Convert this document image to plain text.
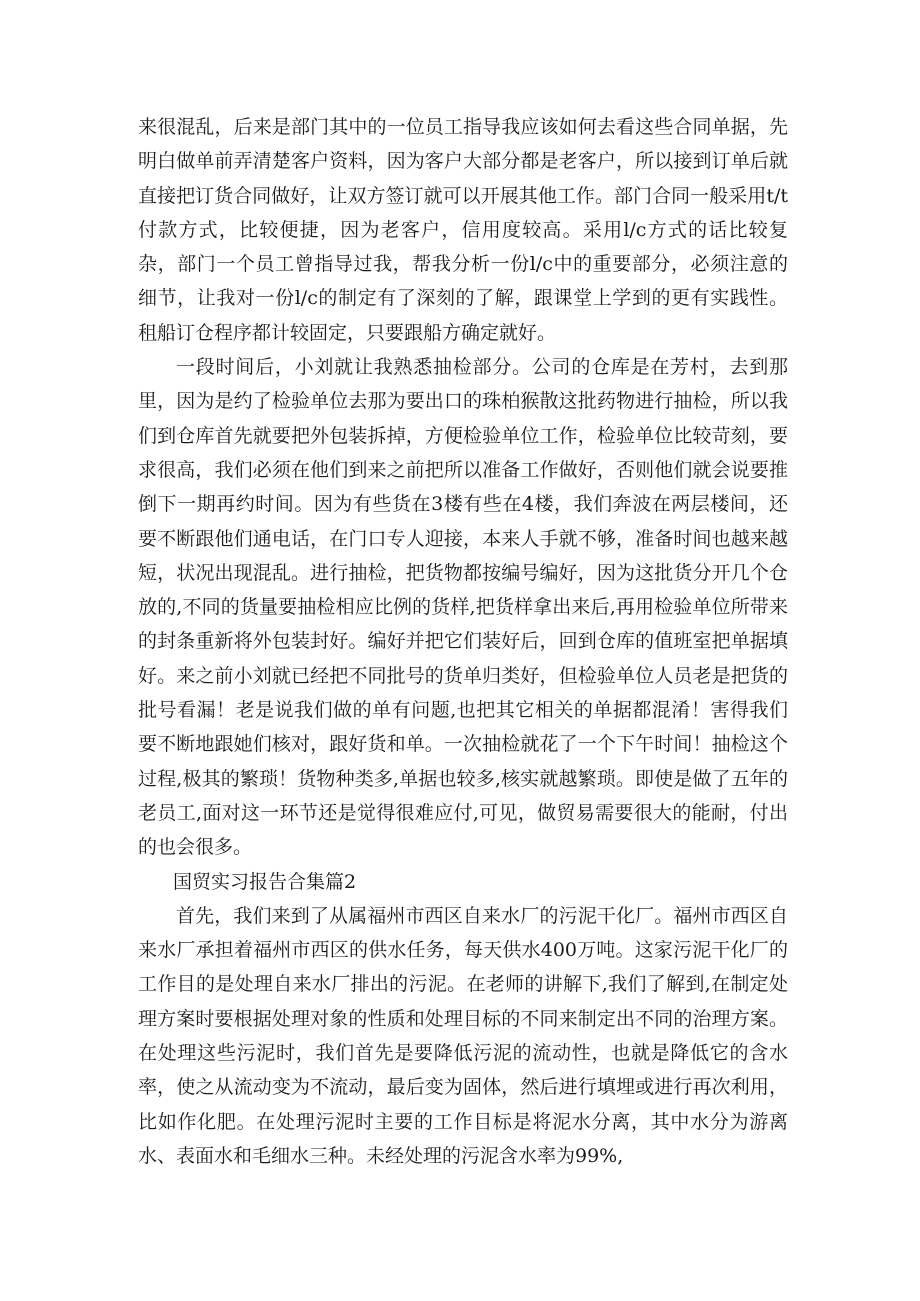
来很混乱，后来是部门其中的一位员工指导我应该如何去看这些合同单据，先明白做单前弄清楚客户资料，因为客户大部分都是老客户，所以接到订单后就直接把订货合同做好，让双方签订就可以开展其他工作。部门合同一般采用t/t付款方式，比较便捷，因为老客户，信用度较高。采用l/c方式的话比较复杂，部门一个员工曾指导过我，帮我分析一份l/c中的重要部分，必须注意的细节，让我对一份l/c的制定有了深刻的了解，跟课堂上学到的更有实践性。租船订仓程序都计较固定，只要跟船方确定就好。

一段时间后，小刘就让我熟悉抽检部分。公司的仓库是在芳村，去到那里，因为是约了检验单位去那为要出口的珠柏猴散这批药物进行抽检，所以我们到仓库首先就要把外包装拆掉，方便检验单位工作，检验单位比较苛刻，要求很高，我们必须在他们到来之前把所以准备工作做好，否则他们就会说要推倒下一期再约时间。因为有些货在3楼有些在4楼，我们奔波在两层楼间，还要不断跟他们通电话，在门口专人迎接，本来人手就不够，准备时间也越来越短，状况出现混乱。进行抽检，把货物都按编号编好，因为这批货分开几个仓放的,不同的货量要抽检相应比例的货样,把货样拿出来后,再用检验单位所带来的封条重新将外包装封好。编好并把它们装好后，回到仓库的值班室把单据填好。来之前小刘就已经把不同批号的货单归类好，但检验单位人员老是把货的批号看漏！老是说我们做的单有问题,也把其它相关的单据都混淆！害得我们要不断地跟她们核对，跟好货和单。一次抽检就花了一个下午时间！抽检这个过程,极其的繁琐！货物种类多,单据也较多,核实就越繁琐。即使是做了五年的老员工,面对这一环节还是觉得很难应付,可见，做贸易需要很大的能耐，付出的也会很多。

国贸实习报告合集篇2

首先，我们来到了从属福州市西区自来水厂的污泥干化厂。福州市西区自来水厂承担着福州市西区的供水任务，每天供水400万吨。这家污泥干化厂的工作目的是处理自来水厂排出的污泥。在老师的讲解下,我们了解到,在制定处理方案时要根据处理对象的性质和处理目标的不同来制定出不同的治理方案。在处理这些污泥时，我们首先是要降低污泥的流动性，也就是降低它的含水率，使之从流动变为不流动，最后变为固体，然后进行填埋或进行再次利用，比如作化肥。在处理污泥时主要的工作目标是将泥水分离，其中水分为游离水、表面水和毛细水三种。未经处理的污泥含水率为99%,
